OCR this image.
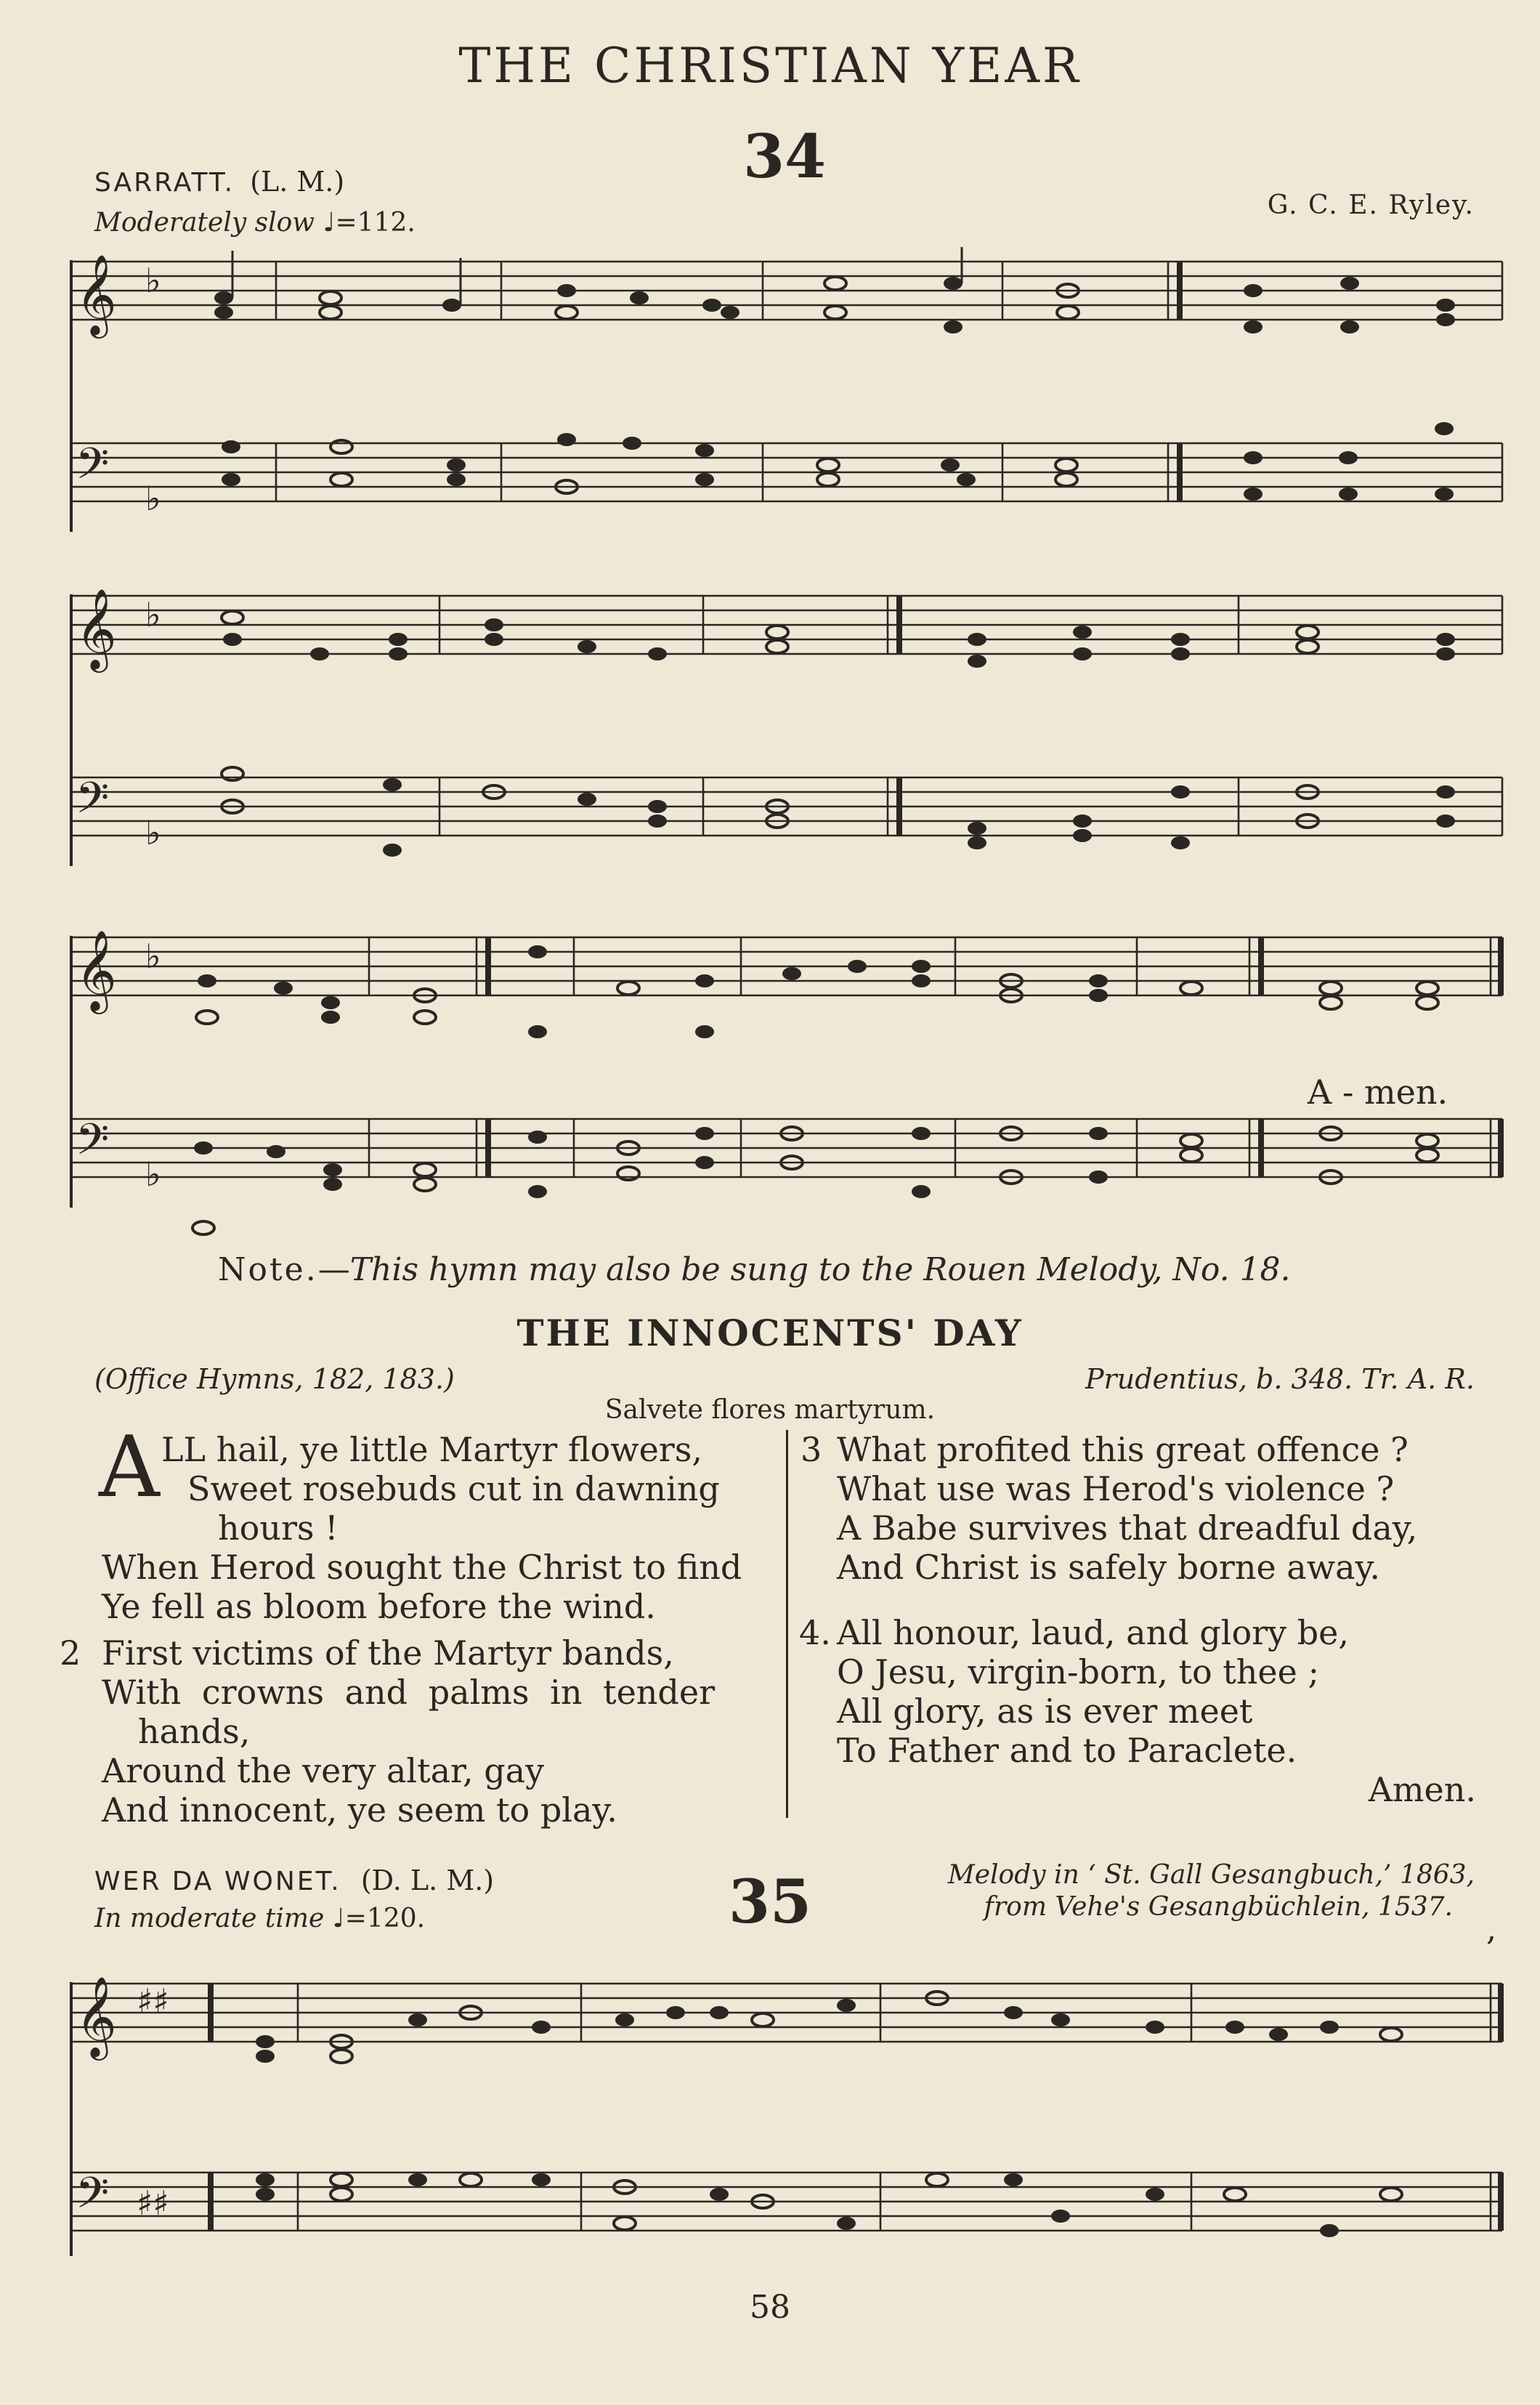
THE CHRISTIAN YEAR
34
SARRATT. (L. M.)
Moderately slow ♩=112.
G. C. E. Ryley.
𝄞 ♭
𝄢 ♭
𝄞 ♭
𝄢 ♭
𝄞 ♭
𝄢 ♭
A - men.
Note.—This hymn may also be sung to the Rouen Melody, No. 18.
THE INNOCENTS' DAY
(Office Hymns, 182, 183.)	Prudentius, b. 348. Tr. A. R.
Salvete flores martyrum.
A LL hail, ye little Martyr flowers,
Sweet rosebuds cut in dawning
hours !
When Herod sought the Christ to find
Ye fell as bloom before the wind.
2 First victims of the Martyr bands,
With crowns and palms in tender
hands,
Around the very altar, gay
And innocent, ye seem to play.
3 What profited this great offence ?
What use was Herod's violence ?
A Babe survives that dreadful day,
And Christ is safely borne away.
4. All honour, laud, and glory be,
O Jesu, virgin-born, to thee ;
All glory, as is ever meet
To Father and to Paraclete.
Amen.
35
WER DA WONET. (D. L. M.)
In moderate time ♩=120.
Melody in ‘ St. Gall Gesangbuch,’ 1863,
from Vehe's Gesangbüchlein, 1537.
,
𝄞 ♯♯
𝄢 ♯♯
58
